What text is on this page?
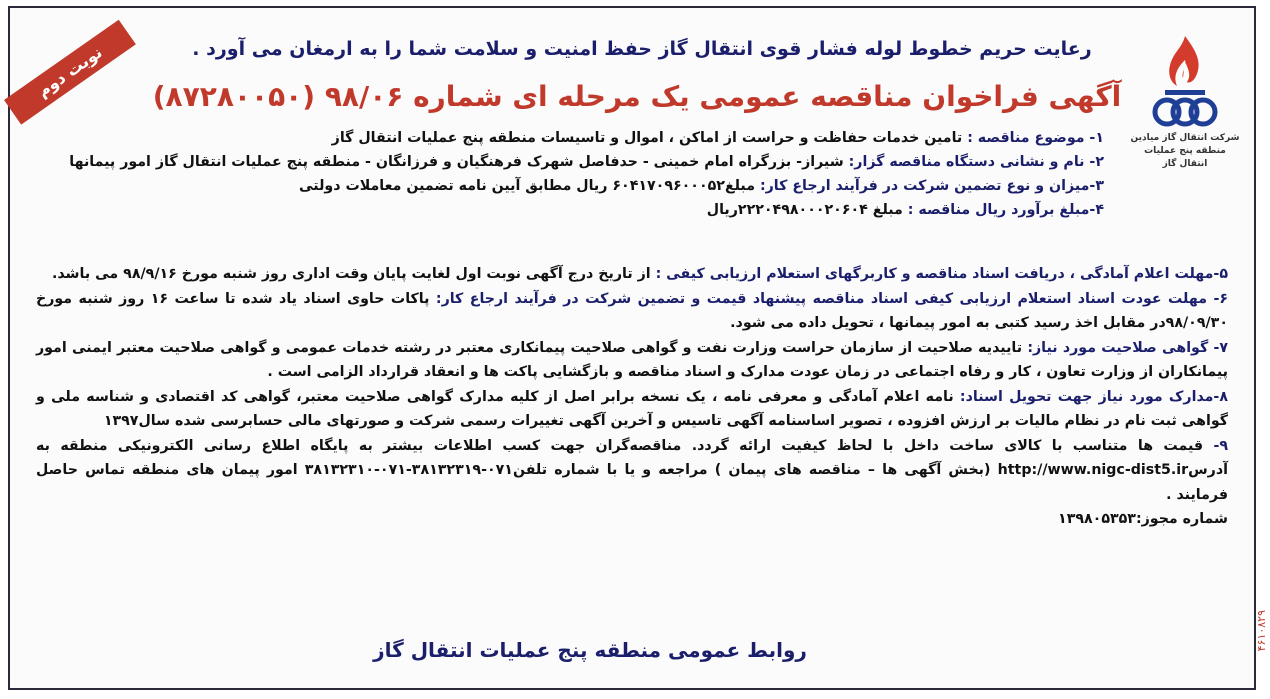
نوبت دوم
شرکت انتقال گاز میادین
منطقه پنج عملیات انتقال گاز
رعایت حریم خطوط لوله فشار قوی انتقال گاز حفظ امنیت و سلامت شما را به ارمغان می آورد .
آگهی فراخوان مناقصه عمومی یک مرحله ای شماره ۹۸/۰۶ (۸۷۲۸۰۰۵۰)

۱- موضوع مناقصه : تامین خدمات حفاظت و حراست از اماکن ، اموال و تاسیسات منطقه پنج عملیات انتقال گاز

۲- نام و نشانی دستگاه مناقصه گزار: شیراز- بزرگراه امام خمینی - حدفاصل شهرک فرهنگیان و فرزانگان - منطقه پنج عملیات انتقال گاز امور پیمانها

۳-میزان و نوع تضمین شرکت در فرآیند ارجاع کار: مبلغ۶۰۴۱۷۰۹۶۰۰۰۵۲ ریال مطابق آیین نامه تضمین معاملات دولتی

۴-مبلغ برآورد ریال مناقصه : مبلغ ۲۲۲۰۴۹۸۰۰۰۲۰۶۰۴ریال

۵-مهلت اعلام آمادگی ، دریافت اسناد مناقصه و کاربرگهای استعلام ارزیابی کیفی : از تاریخ درج آگهی نوبت اول لغایت پایان وقت اداری روز شنبه مورخ ۹۸/۹/۱۶ می باشد.

۶- مهلت عودت اسناد استعلام ارزیابی کیفی اسناد مناقصه پیشنهاد قیمت و تضمین شرکت در فرآیند ارجاع کار: پاکات حاوی اسناد یاد شده تا ساعت ۱۶ روز شنبه مورخ ۹۸/۰۹/۳۰در مقابل اخذ رسید کتبی به امور پیمانها ، تحویل داده می شود.

۷- گواهی صلاحیت مورد نیاز: تاییدیه صلاحیت از سازمان حراست وزارت نفت و گواهی صلاحیت پیمانکاری معتبر در رشته خدمات عمومی و گواهی صلاحیت معتبر ایمنی امور پیمانکاران از وزارت تعاون ، کار و رفاه اجتماعی در زمان عودت مدارک و اسناد مناقصه و بازگشایی پاکت ها و انعقاد قرارداد الزامی است .

۸-مدارک مورد نیاز جهت تحویل اسناد: نامه اعلام آمادگی و معرفی نامه ، یک نسخه برابر اصل از کلیه مدارک گواهی صلاحیت معتبر، گواهی کد اقتصادی و شناسه ملی و گواهی ثبت نام در نظام مالیات بر ارزش افزوده ، تصویر اساسنامه آگهی تاسیس و آخرین آگهی تغییرات رسمی شرکت و صورتهای مالی حسابرسی شده سال۱۳۹۷

۹- قیمت ها متناسب با کالای ساخت داخل با لحاظ کیفیت ارائه گردد. مناقصه‌گران جهت کسب اطلاعات بیشتر به پایگاه اطلاع رسانی الکترونیکی منطقه به آدرسhttp://www.nigc-dist5.ir (بخش آگهی ها – مناقصه های پیمان ) مراجعه و یا با شماره تلفن۰۷۱-۳۸۱۳۲۳۱۹-۰۷۱-۳۸۱۳۲۳۱۰ امور پیمان های منطقه تماس حاصل فرمایند .

شماره مجوز:۱۳۹۸۰۵۳۵۳

روابط عمومی منطقه پنج عملیات انتقال گاز	۴۶۱۰۸۲۹
